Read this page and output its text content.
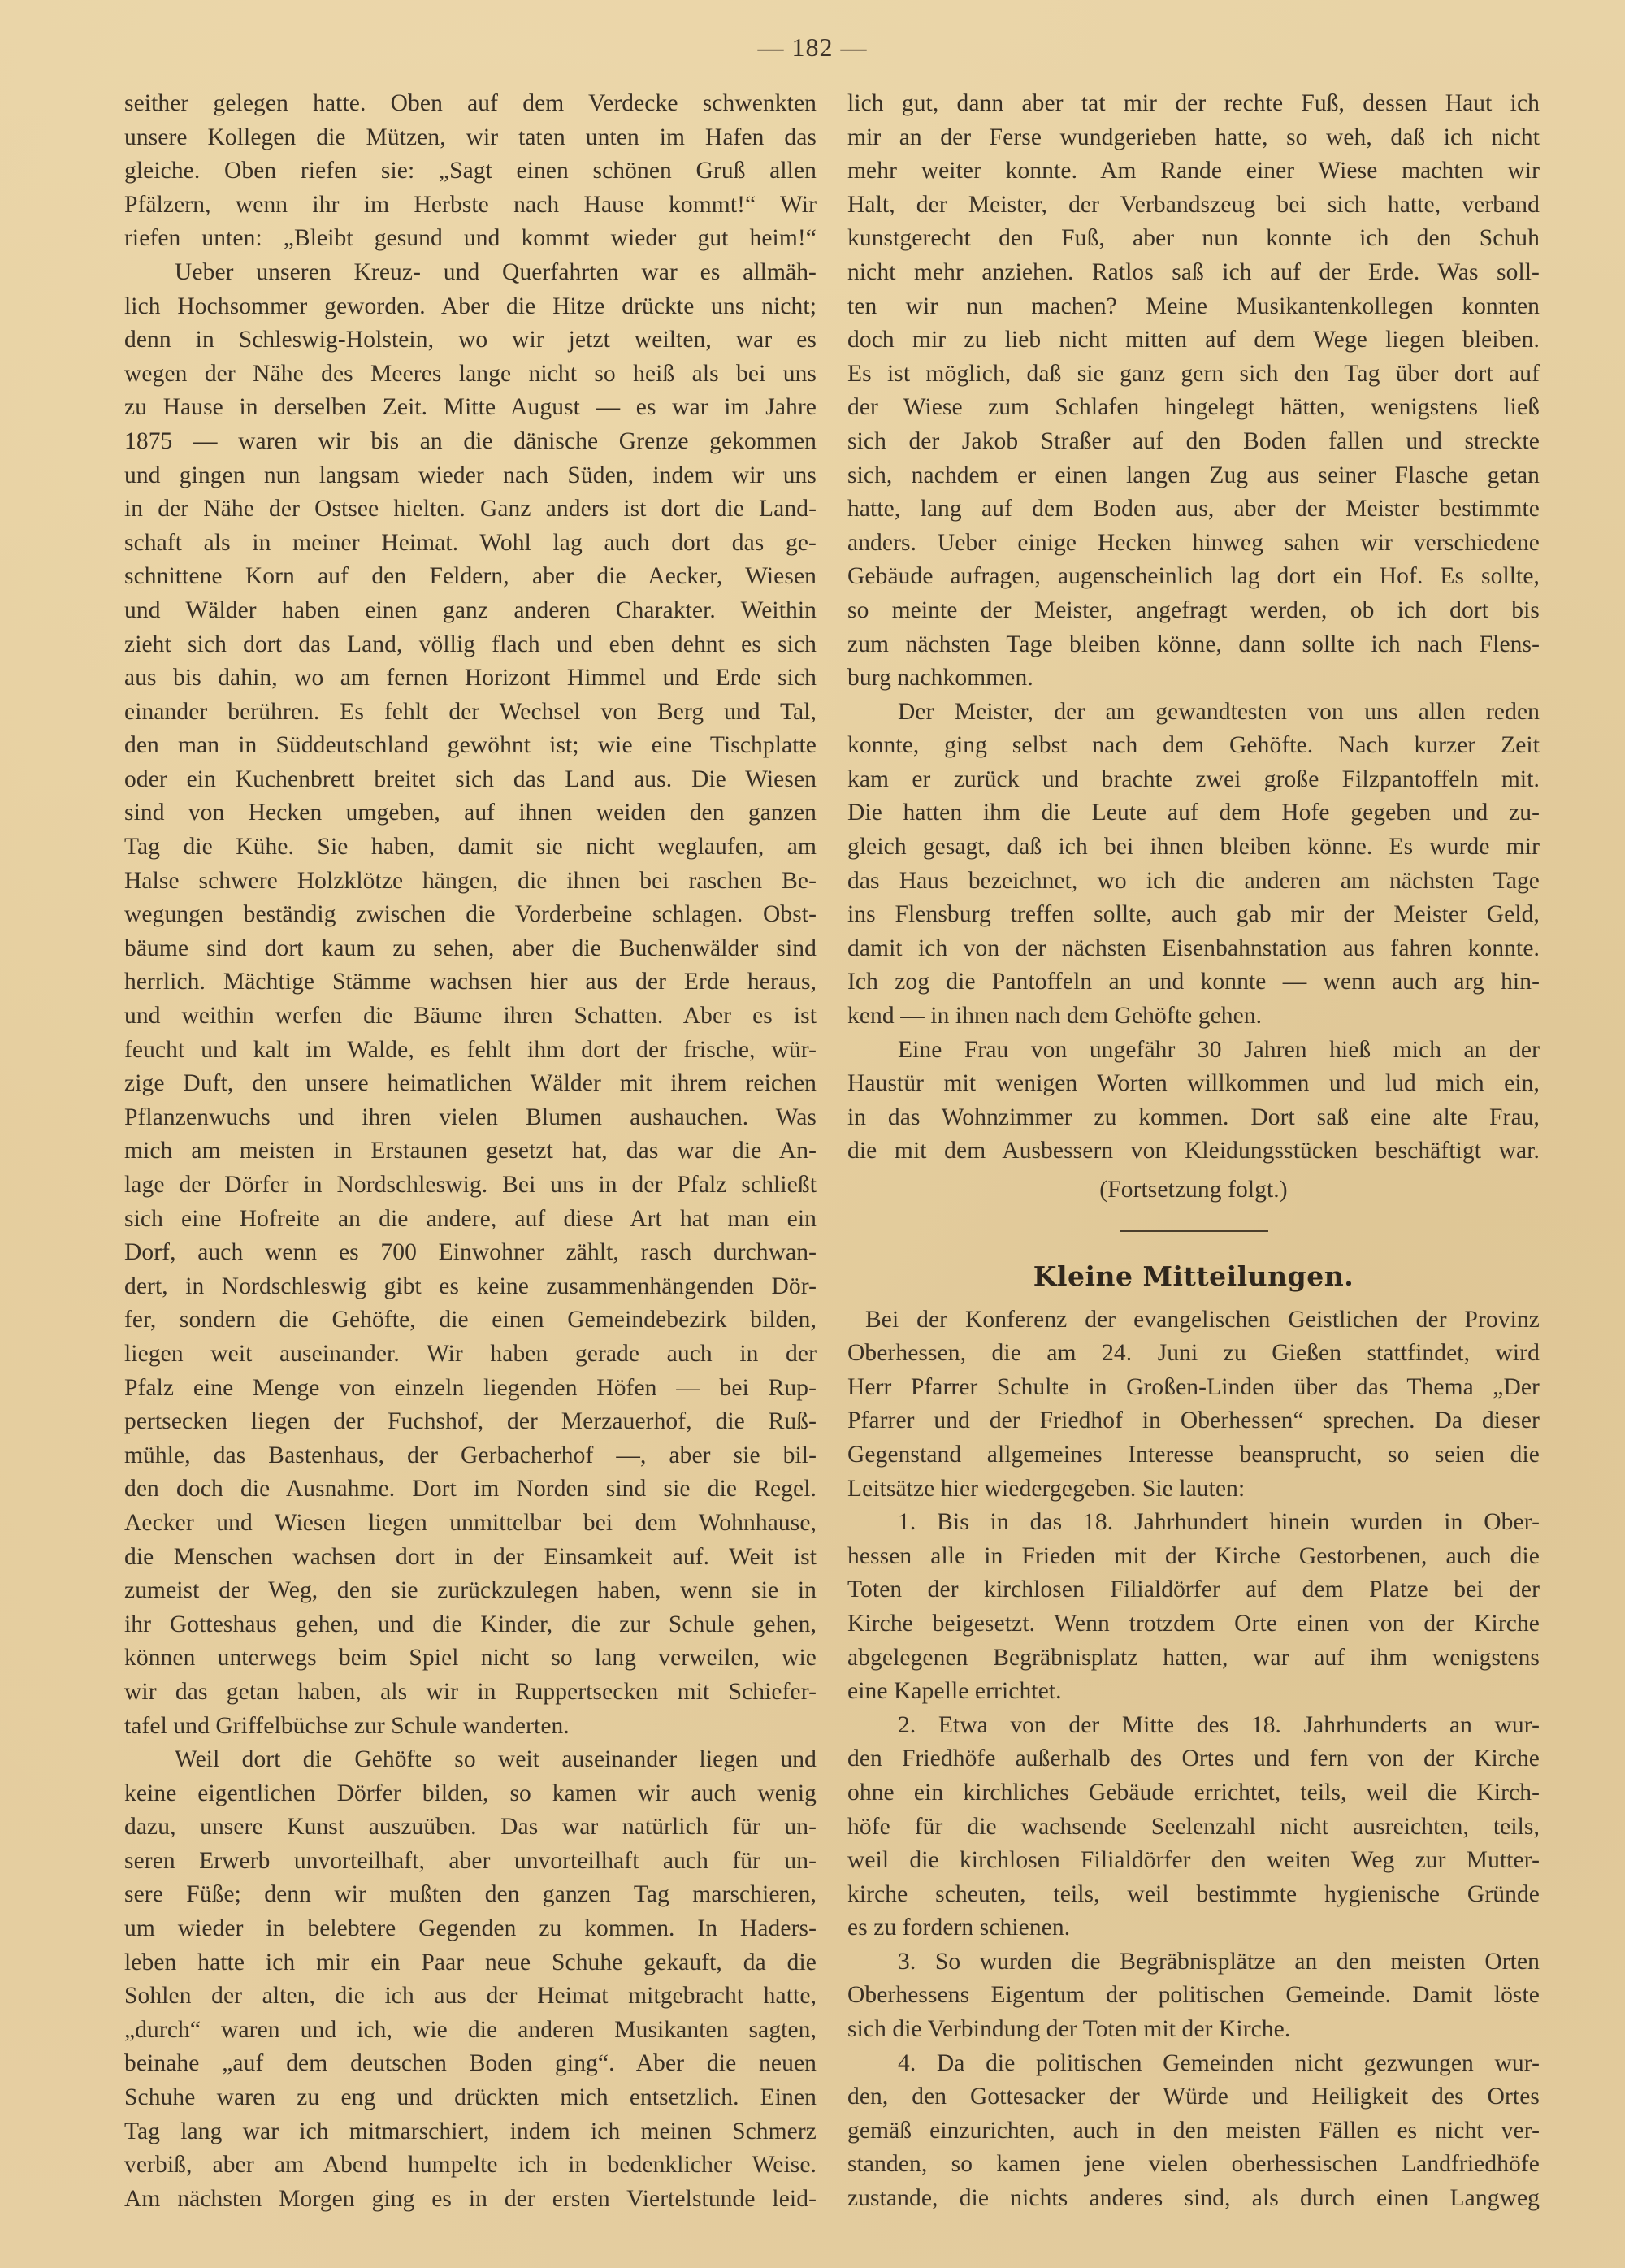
— 182 —
seither gelegen hatte. Oben auf dem Verdecke schwenkten
unsere Kollegen die Mützen, wir taten unten im Hafen das
gleiche. Oben riefen sie: „Sagt einen schönen Gruß allen
Pfälzern, wenn ihr im Herbste nach Hause kommt!“ Wir
riefen unten: „Bleibt gesund und kommt wieder gut heim!“
Ueber unseren Kreuz- und Querfahrten war es allmäh-
lich Hochsommer geworden. Aber die Hitze drückte uns nicht;
denn in Schleswig-Holstein, wo wir jetzt weilten, war es
wegen der Nähe des Meeres lange nicht so heiß als bei uns
zu Hause in derselben Zeit. Mitte August — es war im Jahre
1875 — waren wir bis an die dänische Grenze gekommen
und gingen nun langsam wieder nach Süden, indem wir uns
in der Nähe der Ostsee hielten. Ganz anders ist dort die Land-
schaft als in meiner Heimat. Wohl lag auch dort das ge-
schnittene Korn auf den Feldern, aber die Aecker, Wiesen
und Wälder haben einen ganz anderen Charakter. Weithin
zieht sich dort das Land, völlig flach und eben dehnt es sich
aus bis dahin, wo am fernen Horizont Himmel und Erde sich
einander berühren. Es fehlt der Wechsel von Berg und Tal,
den man in Süddeutschland gewöhnt ist; wie eine Tischplatte
oder ein Kuchenbrett breitet sich das Land aus. Die Wiesen
sind von Hecken umgeben, auf ihnen weiden den ganzen
Tag die Kühe. Sie haben, damit sie nicht weglaufen, am
Halse schwere Holzklötze hängen, die ihnen bei raschen Be-
wegungen beständig zwischen die Vorderbeine schlagen. Obst-
bäume sind dort kaum zu sehen, aber die Buchenwälder sind
herrlich. Mächtige Stämme wachsen hier aus der Erde heraus,
und weithin werfen die Bäume ihren Schatten. Aber es ist
feucht und kalt im Walde, es fehlt ihm dort der frische, wür-
zige Duft, den unsere heimatlichen Wälder mit ihrem reichen
Pflanzenwuchs und ihren vielen Blumen aushauchen. Was
mich am meisten in Erstaunen gesetzt hat, das war die An-
lage der Dörfer in Nordschleswig. Bei uns in der Pfalz schließt
sich eine Hofreite an die andere, auf diese Art hat man ein
Dorf, auch wenn es 700 Einwohner zählt, rasch durchwan-
dert, in Nordschleswig gibt es keine zusammenhängenden Dör-
fer, sondern die Gehöfte, die einen Gemeindebezirk bilden,
liegen weit auseinander. Wir haben gerade auch in der
Pfalz eine Menge von einzeln liegenden Höfen — bei Rup-
pertsecken liegen der Fuchshof, der Merzauerhof, die Ruß-
mühle, das Bastenhaus, der Gerbacherhof —, aber sie bil-
den doch die Ausnahme. Dort im Norden sind sie die Regel.
Aecker und Wiesen liegen unmittelbar bei dem Wohnhause,
die Menschen wachsen dort in der Einsamkeit auf. Weit ist
zumeist der Weg, den sie zurückzulegen haben, wenn sie in
ihr Gotteshaus gehen, und die Kinder, die zur Schule gehen,
können unterwegs beim Spiel nicht so lang verweilen, wie
wir das getan haben, als wir in Ruppertsecken mit Schiefer-
tafel und Griffelbüchse zur Schule wanderten.
Weil dort die Gehöfte so weit auseinander liegen und
keine eigentlichen Dörfer bilden, so kamen wir auch wenig
dazu, unsere Kunst auszuüben. Das war natürlich für un-
seren Erwerb unvorteilhaft, aber unvorteilhaft auch für un-
sere Füße; denn wir mußten den ganzen Tag marschieren,
um wieder in belebtere Gegenden zu kommen. In Haders-
leben hatte ich mir ein Paar neue Schuhe gekauft, da die
Sohlen der alten, die ich aus der Heimat mitgebracht hatte,
„durch“ waren und ich, wie die anderen Musikanten sagten,
beinahe „auf dem deutschen Boden ging“. Aber die neuen
Schuhe waren zu eng und drückten mich entsetzlich. Einen
Tag lang war ich mitmarschiert, indem ich meinen Schmerz
verbiß, aber am Abend humpelte ich in bedenklicher Weise.
Am nächsten Morgen ging es in der ersten Viertelstunde leid-
lich gut, dann aber tat mir der rechte Fuß, dessen Haut ich
mir an der Ferse wundgerieben hatte, so weh, daß ich nicht
mehr weiter konnte. Am Rande einer Wiese machten wir
Halt, der Meister, der Verbandszeug bei sich hatte, verband
kunstgerecht den Fuß, aber nun konnte ich den Schuh
nicht mehr anziehen. Ratlos saß ich auf der Erde. Was soll-
ten wir nun machen? Meine Musikantenkollegen konnten
doch mir zu lieb nicht mitten auf dem Wege liegen bleiben.
Es ist möglich, daß sie ganz gern sich den Tag über dort auf
der Wiese zum Schlafen hingelegt hätten, wenigstens ließ
sich der Jakob Straßer auf den Boden fallen und streckte
sich, nachdem er einen langen Zug aus seiner Flasche getan
hatte, lang auf dem Boden aus, aber der Meister bestimmte
anders. Ueber einige Hecken hinweg sahen wir verschiedene
Gebäude aufragen, augenscheinlich lag dort ein Hof. Es sollte,
so meinte der Meister, angefragt werden, ob ich dort bis
zum nächsten Tage bleiben könne, dann sollte ich nach Flens-
burg nachkommen.
Der Meister, der am gewandtesten von uns allen reden
konnte, ging selbst nach dem Gehöfte. Nach kurzer Zeit
kam er zurück und brachte zwei große Filzpantoffeln mit.
Die hatten ihm die Leute auf dem Hofe gegeben und zu-
gleich gesagt, daß ich bei ihnen bleiben könne. Es wurde mir
das Haus bezeichnet, wo ich die anderen am nächsten Tage
ins Flensburg treffen sollte, auch gab mir der Meister Geld,
damit ich von der nächsten Eisenbahnstation aus fahren konnte.
Ich zog die Pantoffeln an und konnte — wenn auch arg hin-
kend — in ihnen nach dem Gehöfte gehen.
Eine Frau von ungefähr 30 Jahren hieß mich an der
Haustür mit wenigen Worten willkommen und lud mich ein,
in das Wohnzimmer zu kommen. Dort saß eine alte Frau,
die mit dem Ausbessern von Kleidungsstücken beschäftigt war.
(Fortsetzung folgt.)
Kleine Mitteilungen.
Bei der Konferenz der evangelischen Geistlichen der Provinz
Oberhessen, die am 24. Juni zu Gießen stattfindet, wird
Herr Pfarrer Schulte in Großen-Linden über das Thema „Der
Pfarrer und der Friedhof in Oberhessen“ sprechen. Da dieser
Gegenstand allgemeines Interesse beansprucht, so seien die
Leitsätze hier wiedergegeben. Sie lauten:
1. Bis in das 18. Jahrhundert hinein wurden in Ober-
hessen alle in Frieden mit der Kirche Gestorbenen, auch die
Toten der kirchlosen Filialdörfer auf dem Platze bei der
Kirche beigesetzt. Wenn trotzdem Orte einen von der Kirche
abgelegenen Begräbnisplatz hatten, war auf ihm wenigstens
eine Kapelle errichtet.
2. Etwa von der Mitte des 18. Jahrhunderts an wur-
den Friedhöfe außerhalb des Ortes und fern von der Kirche
ohne ein kirchliches Gebäude errichtet, teils, weil die Kirch-
höfe für die wachsende Seelenzahl nicht ausreichten, teils,
weil die kirchlosen Filialdörfer den weiten Weg zur Mutter-
kirche scheuten, teils, weil bestimmte hygienische Gründe
es zu fordern schienen.
3. So wurden die Begräbnisplätze an den meisten Orten
Oberhessens Eigentum der politischen Gemeinde. Damit löste
sich die Verbindung der Toten mit der Kirche.
4. Da die politischen Gemeinden nicht gezwungen wur-
den, den Gottesacker der Würde und Heiligkeit des Ortes
gemäß einzurichten, auch in den meisten Fällen es nicht ver-
standen, so kamen jene vielen oberhessischen Landfriedhöfe
zustande, die nichts anderes sind, als durch einen Langweg
